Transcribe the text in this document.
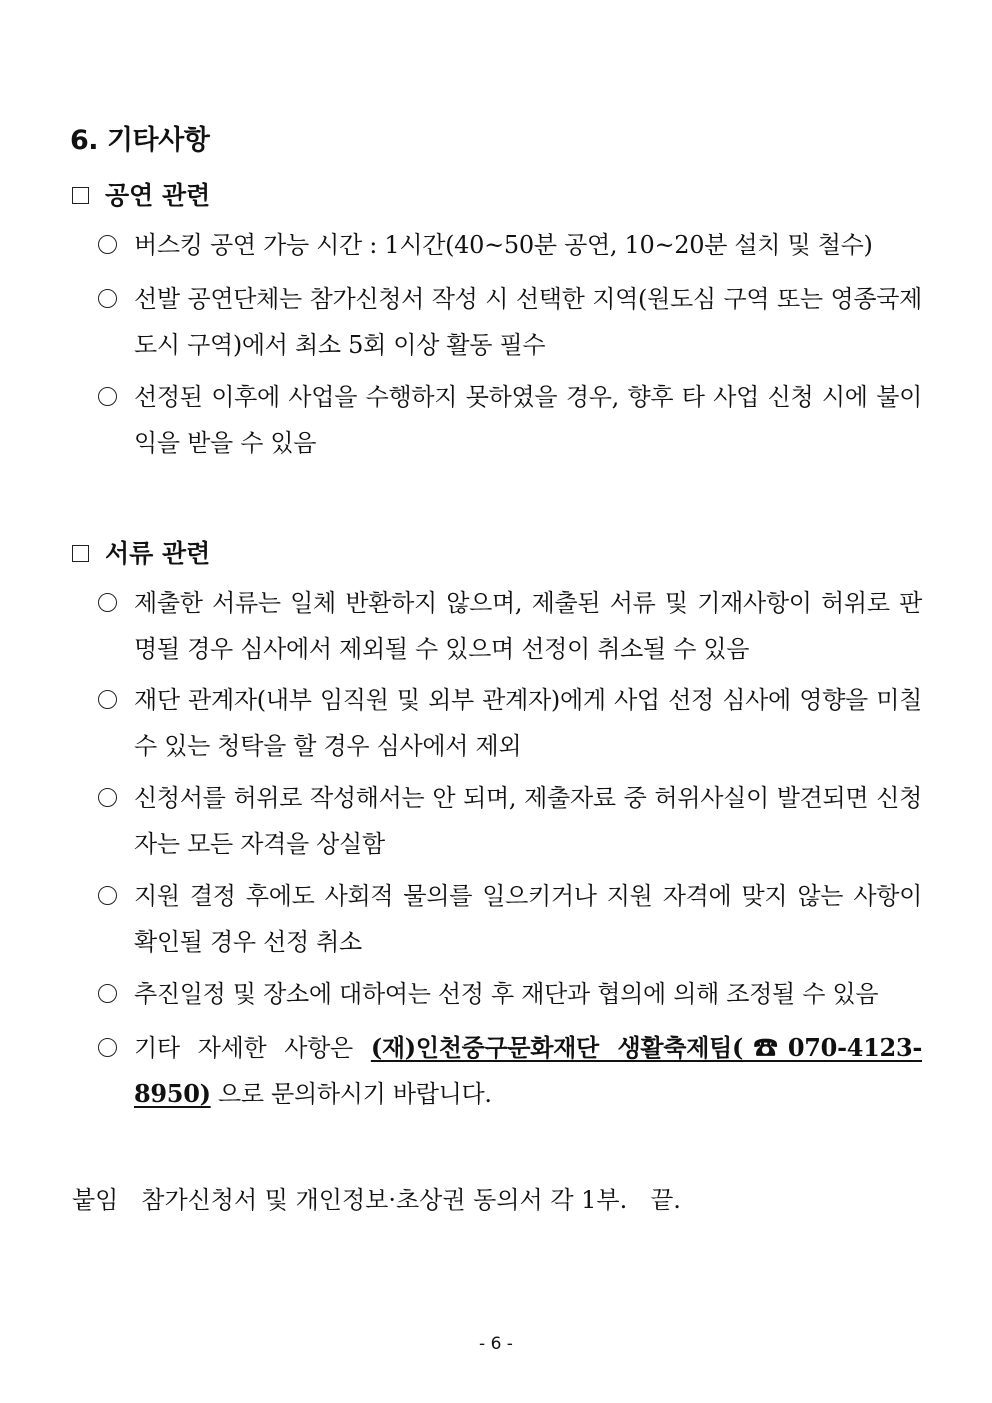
6. 기타사항
공연 관련
버스킹 공연 가능 시간 : 1시간(40~50분 공연, 10~20분 설치 및 철수)
선발 공연단체는 참가신청서 작성 시 선택한 지역(원도심 구역 또는 영종국제도시 구역)에서 최소 5회 이상 활동 필수
선정된 이후에 사업을 수행하지 못하였을 경우, 향후 타 사업 신청 시에 불이익을 받을 수 있음
서류 관련
제출한 서류는 일체 반환하지 않으며, 제출된 서류 및 기재사항이 허위로 판명될 경우 심사에서 제외될 수 있으며 선정이 취소될 수 있음
재단 관계자(내부 임직원 및 외부 관계자)에게 사업 선정 심사에 영향을 미칠 수 있는 청탁을 할 경우 심사에서 제외
신청서를 허위로 작성해서는 안 되며, 제출자료 중 허위사실이 발견되면 신청자는 모든 자격을 상실함
지원 결정 후에도 사회적 물의를 일으키거나 지원 자격에 맞지 않는 사항이 확인될 경우 선정 취소
추진일정 및 장소에 대하여는 선정 후 재단과 협의에 의해 조정될 수 있음
기타 자세한 사항은 (재)인천중구문화재단 생활축제팀(☎070-4123-8950) 으로 문의하시기 바랍니다.
붙임   참가신청서 및 개인정보·초상권 동의서 각 1부.   끝.
- 6 -
